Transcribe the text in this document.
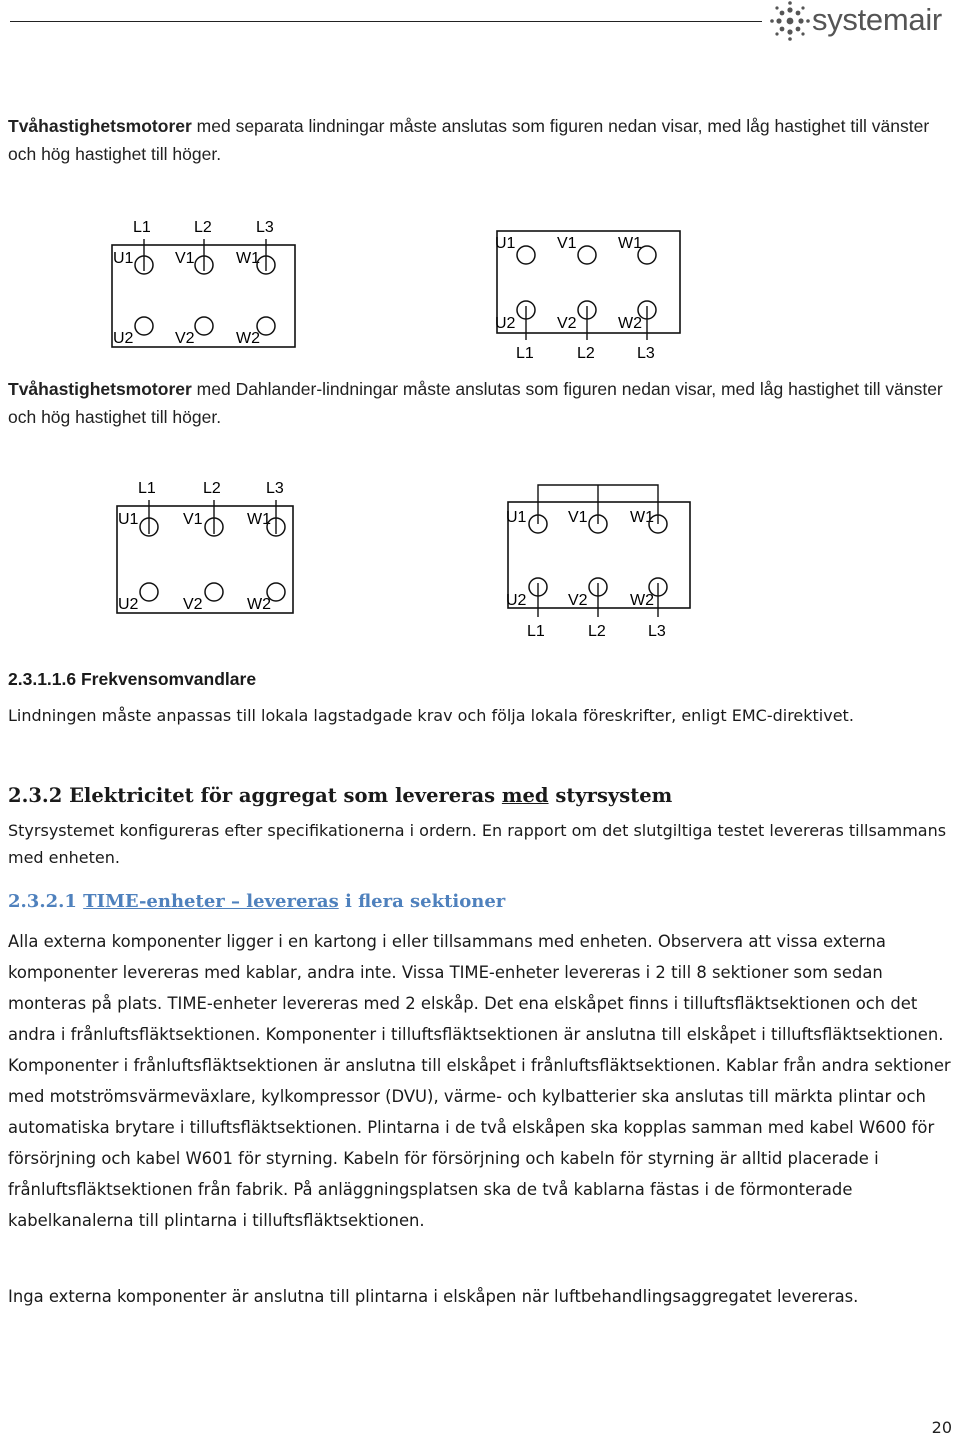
systemair
Tvåhastighetsmotorer med separata lindningar måste anslutas som figuren nedan visar, med låg hastighet till vänster och hög hastighet till höger.
L1	L2	L3
U1	V1	W1
U2	V2	W2
U1	V1	W1
U2	V2	W2
L1	L2	L3
Tvåhastighetsmotorer med Dahlander-lindningar måste anslutas som figuren nedan visar, med låg hastighet till vänster och hög hastighet till höger.
L1	L2	L3
U1	V1	W1
U2	V2	W2
U1	V1	W1
U2	V2	W2
L1	L2	L3
2.3.1.1.6 Frekvensomvandlare
Lindningen måste anpassas till lokala lagstadgade krav och följa lokala föreskrifter, enligt EMC-direktivet.
2.3.2 Elektricitet för aggregat som levereras med styrsystem
Styrsystemet konfigureras efter specifikationerna i ordern. En rapport om det slutgiltiga testet levereras tillsammans med enheten.
2.3.2.1 TIME-enheter – levereras i flera sektioner
Alla externa komponenter ligger i en kartong i eller tillsammans med enheten. Observera att vissa externa komponenter levereras med kablar, andra inte. Vissa TIME-enheter levereras i 2 till 8 sektioner som sedan monteras på plats. TIME-enheter levereras med 2 elskåp. Det ena elskåpet finns i tilluftsfläktsektionen och det andra i frånluftsfläktsektionen. Komponenter i tilluftsfläktsektionen är anslutna till elskåpet i tilluftsfläktsektionen. Komponenter i frånluftsfläktsektionen är anslutna till elskåpet i frånluftsfläktsektionen. Kablar från andra sektioner med motströmsvärmeväxlare, kylkompressor (DVU), värme- och kylbatterier ska anslutas till märkta plintar och automatiska brytare i tilluftsfläktsektionen. Plintarna i de två elskåpen ska kopplas samman med kabel W600 för försörjning och kabel W601 för styrning. Kabeln för försörjning och kabeln för styrning är alltid placerade i frånluftsfläktsektionen från fabrik. På anläggningsplatsen ska de två kablarna fästas i de förmonterade kabelkanalerna till plintarna i tilluftsfläktsektionen.
Inga externa komponenter är anslutna till plintarna i elskåpen när luftbehandlingsaggregatet levereras.
20
